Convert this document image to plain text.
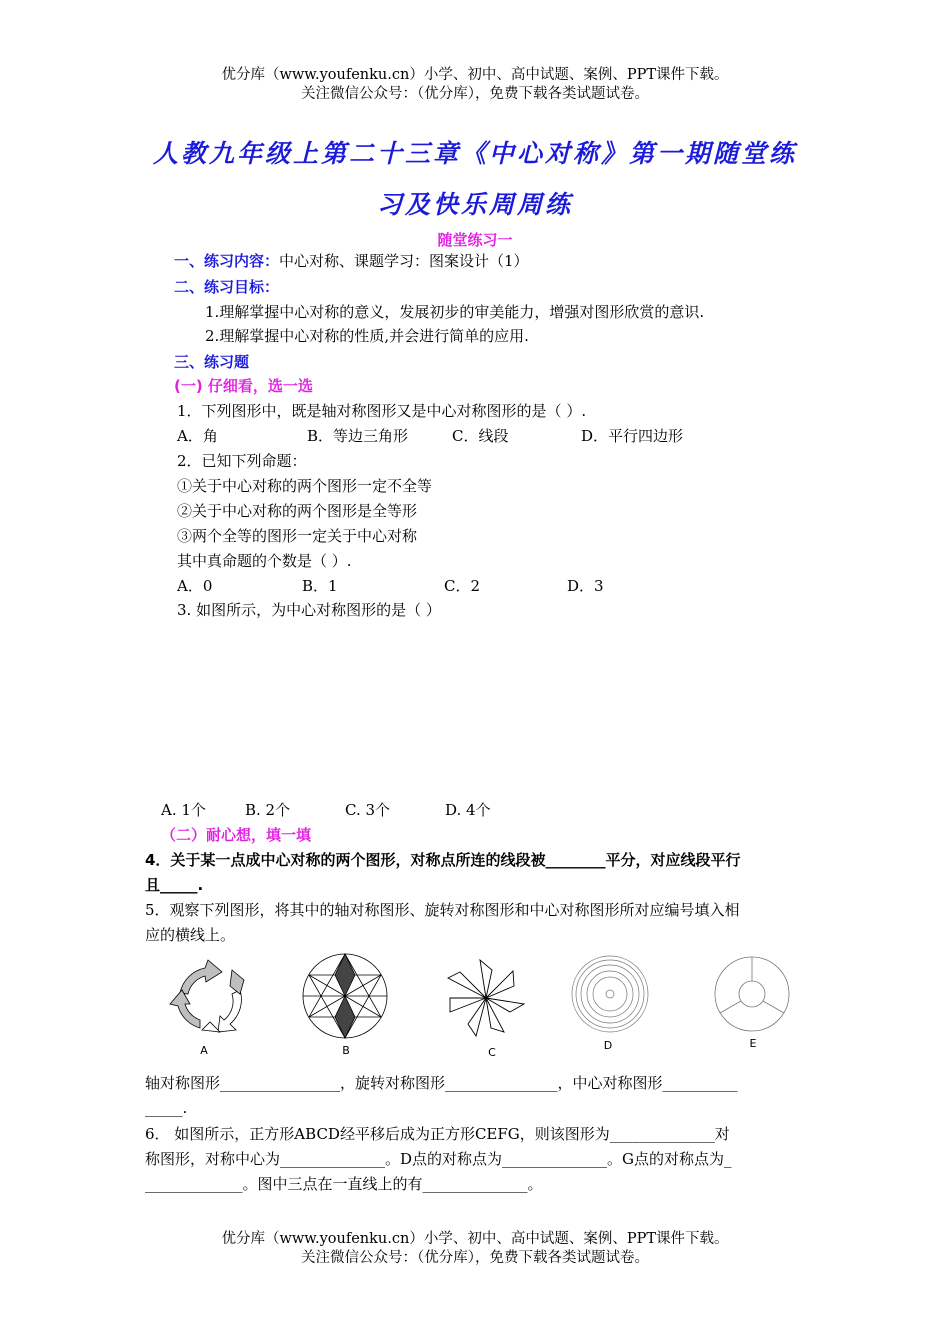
优分库（www.youfenku.cn）小学、初中、高中试题、案例、PPT课件下载。
关注微信公众号：（优分库），免费下载各类试题试卷。
人教九年级上第二十三章《中心对称》第一期随堂练
习及快乐周周练
随堂练习一
一、练习内容：中心对称、课题学习：图案设计（1）
二、练习目标：
1.理解掌握中心对称的意义，发展初步的审美能力，增强对图形欣赏的意识.
2.理解掌握中心对称的性质,并会进行简单的应用.
三、练习题
(一) 仔细看，选一选
1．下列图形中，既是轴对称图形又是中心对称图形的是（ ）.
A．角	B．等边三角形	C．线段	D．平行四边形
2．已知下列命题：
①关于中心对称的两个图形一定不全等
②关于中心对称的两个图形是全等形
③两个全等的图形一定关于中心对称
其中真命题的个数是（ ）.
A．0	B．1	C．2	D．3
3. 如图所示，为中心对称图形的是（ ）
A. 1个	B. 2个	C. 3个	D. 4个
（二）耐心想，填一填
4．关于某一点成中心对称的两个图形，对称点所连的线段被________平分，对应线段平行
且_____.
5．观察下列图形，将其中的轴对称图形、旋转对称图形和中心对称图形所对应编号填入相
应的横线上。
A	B	C
D	E
轴对称图形________________，旋转对称图形_______________，中心对称图形__________
_____.
6． 如图所示，正方形ABCD经平移后成为正方形CEFG，则该图形为______________对
称图形，对称中心为______________。D点的对称点为______________。G点的对称点为_
_____________。图中三点在一直线上的有______________。
优分库（www.youfenku.cn）小学、初中、高中试题、案例、PPT课件下载。
关注微信公众号：（优分库），免费下载各类试题试卷。
